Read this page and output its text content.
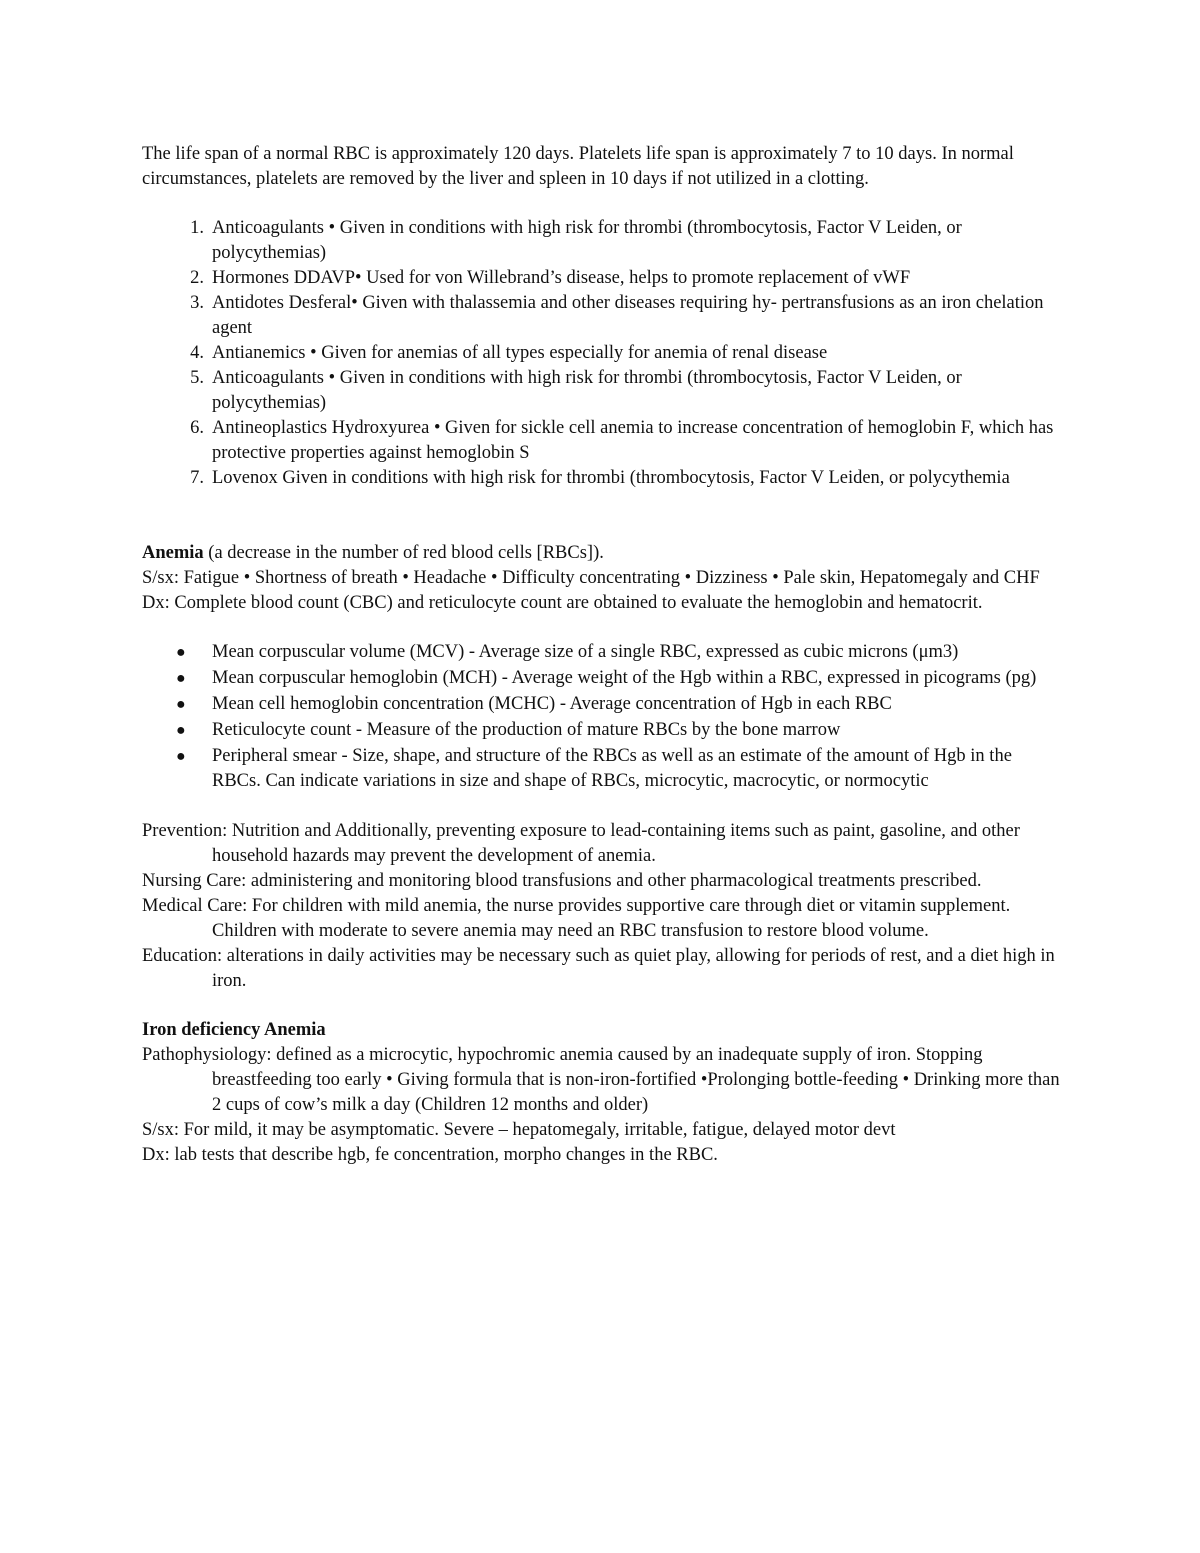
The life span of a normal RBC is approximately 120 days. Platelets life span is approximately 7 to 10 days. In normal circumstances, platelets are removed by the liver and spleen in 10 days if not utilized in a clotting.

1. Anticoagulants • Given in conditions with high risk for thrombi (thrombocytosis, Factor V Leiden, or polycythemias)
2. Hormones DDAVP• Used for von Willebrand’s disease, helps to promote replacement of vWF
3. Antidotes Desferal• Given with thalassemia and other diseases requiring hy- pertransfusions as an iron chelation agent
4. Antianemics • Given for anemias of all types especially for anemia of renal disease
5. Anticoagulants • Given in conditions with high risk for thrombi (thrombocytosis, Factor V Leiden, or polycythemias)
6. Antineoplastics Hydroxyurea • Given for sickle cell anemia to increase concentration of hemoglobin F, which has protective properties against hemoglobin S
7. Lovenox Given in conditions with high risk for thrombi (thrombocytosis, Factor V Leiden, or polycythemia

Anemia (a decrease in the number of red blood cells [RBCs]).

S/sx: Fatigue • Shortness of breath • Headache • Difficulty concentrating • Dizziness • Pale skin, Hepatomegaly and CHF

Dx: Complete blood count (CBC) and reticulocyte count are obtained to evaluate the hemoglobin and hematocrit.

●	Mean corpuscular volume (MCV) - Average size of a single RBC, expressed as cubic microns (μm3)
●	Mean corpuscular hemoglobin (MCH) - Average weight of the Hgb within a RBC, expressed in picograms (pg)
●	Mean cell hemoglobin concentration (MCHC) - Average concentration of Hgb in each RBC
●	Reticulocyte count - Measure of the production of mature RBCs by the bone marrow
●	Peripheral smear - Size, shape, and structure of the RBCs as well as an estimate of the amount of Hgb in the RBCs. Can indicate variations in size and shape of RBCs, microcytic, macrocytic, or normocytic

Prevention: Nutrition and Additionally, preventing exposure to lead-containing items such as paint, gasoline, and other household hazards may prevent the development of anemia.

Nursing Care: administering and monitoring blood transfusions and other pharmacological treatments prescribed.

Medical Care: For children with mild anemia, the nurse provides supportive care through diet or vitamin supplement. Children with moderate to severe anemia may need an RBC transfusion to restore blood volume.

Education: alterations in daily activities may be necessary such as quiet play, allowing for periods of rest, and a diet high in iron.

Iron deficiency Anemia

Pathophysiology: defined as a microcytic, hypochromic anemia caused by an inadequate supply of iron. Stopping breastfeeding too early • Giving formula that is non-iron-fortified •Prolonging bottle-feeding • Drinking more than 2 cups of cow’s milk a day (Children 12 months and older)

S/sx: For mild, it may be asymptomatic. Severe – hepatomegaly, irritable, fatigue, delayed motor devt

Dx: lab tests that describe hgb, fe concentration, morpho changes in the RBC.
